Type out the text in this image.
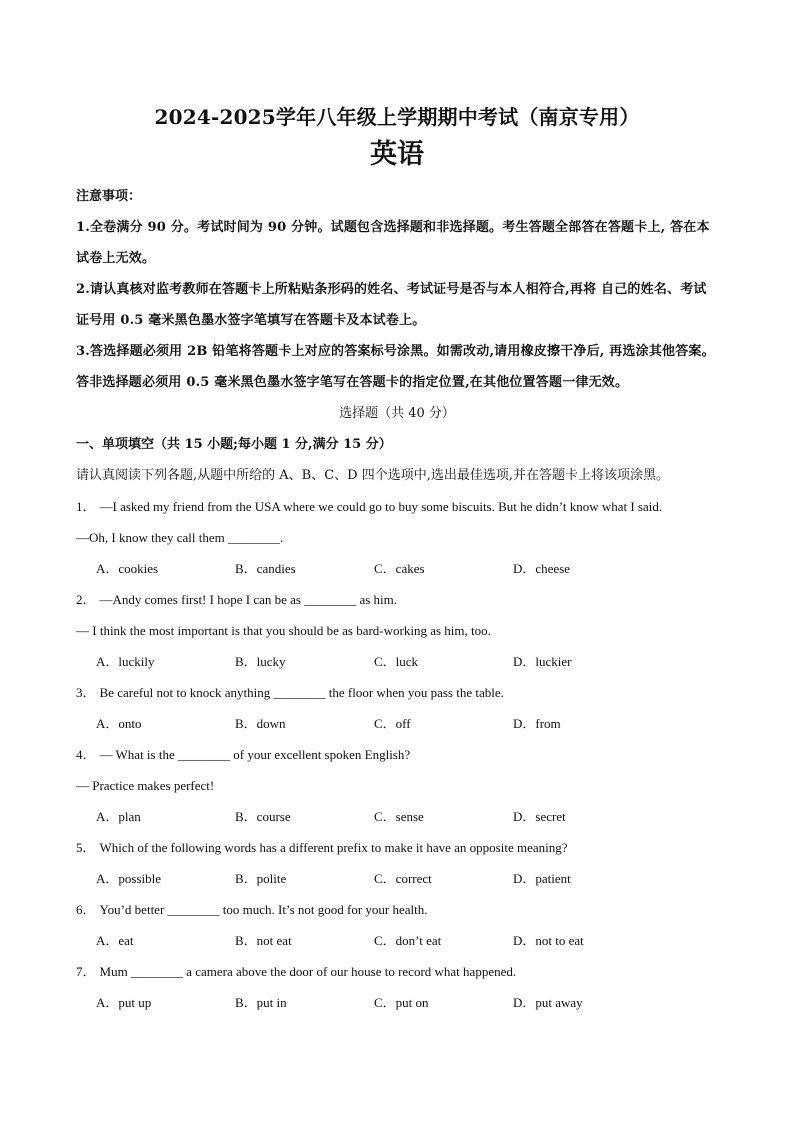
2024-2025学年八年级上学期期中考试（南京专用）
英语
注意事项：
1.全卷满分 90 分。考试时间为 90 分钟。试题包含选择题和非选择题。考生答题全部答在答题卡上, 答在本试卷上无效。
2.请认真核对监考教师在答题卡上所粘贴条形码的姓名、考试证号是否与本人相符合,再将 自己的姓名、考试证号用 0.5 毫米黑色墨水签字笔填写在答题卡及本试卷上。
3.答选择题必须用 2B 铅笔将答题卡上对应的答案标号涂黑。如需改动,请用橡皮擦干净后, 再选涂其他答案。答非选择题必须用 0.5 毫米黑色墨水签字笔写在答题卡的指定位置,在其他位置答题一律无效。
选择题（共 40 分）
一、单项填空（共 15 小题;每小题 1 分,满分 15 分）
请认真阅读下列各题,从题中所给的 A、B、C、D 四个选项中,选出最佳选项,并在答题卡上将该项涂黑。
1． —I asked my friend from the USA where we could go to buy some biscuits. But he didn’t know what I said.
—Oh, I know they call them ________.
A．cookies	B．candies	C．cakes	D．cheese
2． —Andy comes first! I hope I can be as ________ as him.
— I think the most important is that you should be as bard-working as him, too.
A．luckily	B．lucky	C．luck	D．luckier
3． Be careful not to knock anything ________ the floor when you pass the table.
A．onto	B．down	C．off	D．from
4． — What is the ________ of your excellent spoken English?
— Practice makes perfect!
A．plan	B．course	C．sense	D．secret
5． Which of the following words has a different prefix to make it have an opposite meaning?
A．possible	B．polite	C．correct	D．patient
6． You’d better ________ too much. It’s not good for your health.
A．eat	B．not eat	C．don’t eat	D．not to eat
7． Mum ________ a camera above the door of our house to record what happened.
A．put up	B．put in	C．put on	D．put away
